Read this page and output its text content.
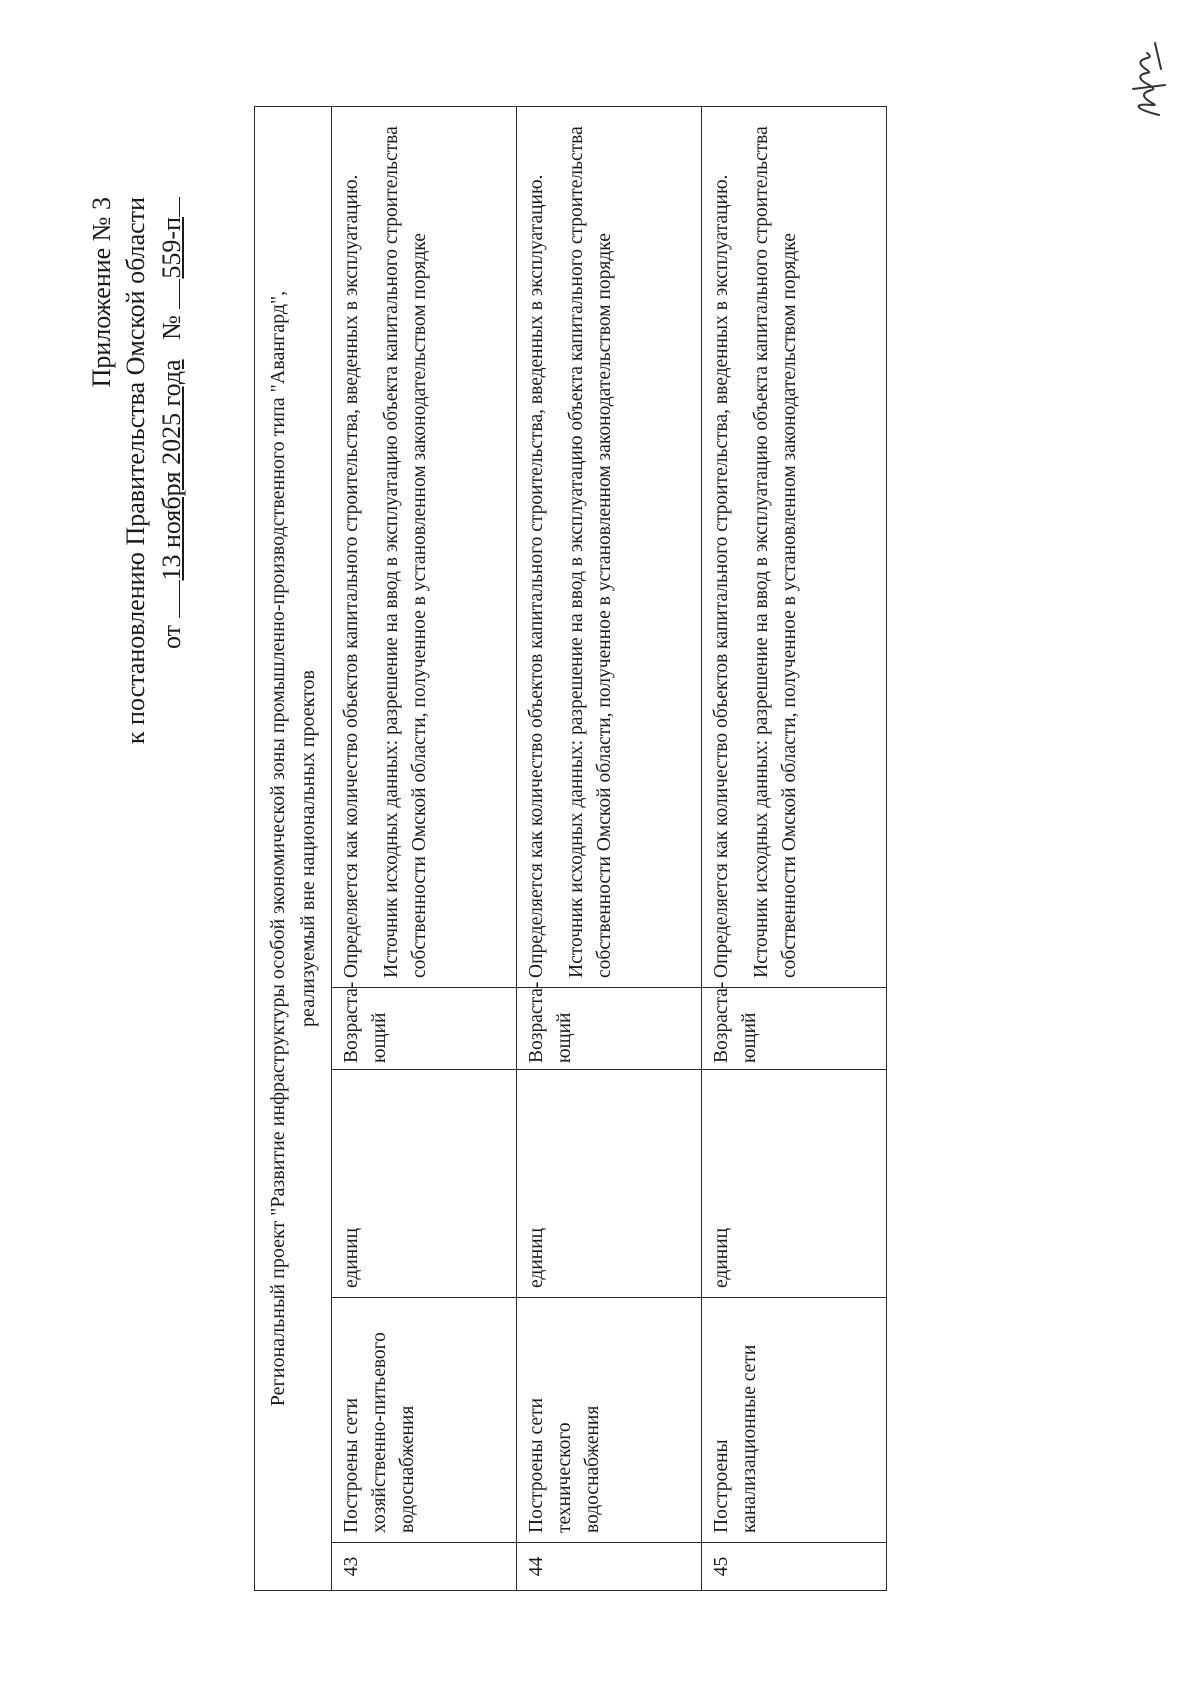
Приложение № 3 к постановлению Правительства Омской области от 13 ноября 2025 года   № 559-п
Региональный проект "Развитие инфраструктуры особой экономической зоны промышленно-производственного типа "Авангард", реализуемый вне национальных проектов				

43	Построены сети хозяйственно-питьевого водоснабжения	единиц	Возраста-ющий	Определяется как количество объектов капитального строительства, введенных в эксплуатацию. Источник исходных данных: разрешение на ввод в эксплуатацию объекта капитального строительства собственности Омской области, полученное в установленном законодательством порядке

44	Построены сети технического водоснабжения	единиц	Возраста-ющий	Определяется как количество объектов капитального строительства, введенных в эксплуатацию. Источник исходных данных: разрешение на ввод в эксплуатацию объекта капитального строительства собственности Омской области, полученное в установленном законодательством порядке

45	Построены канализационные сети	единиц	Возраста-ющий	Определяется как количество объектов капитального строительства, введенных в эксплуатацию. Источник исходных данных: разрешение на ввод в эксплуатацию объекта капитального строительства собственности Омской области, полученное в установленном законодательством порядке
